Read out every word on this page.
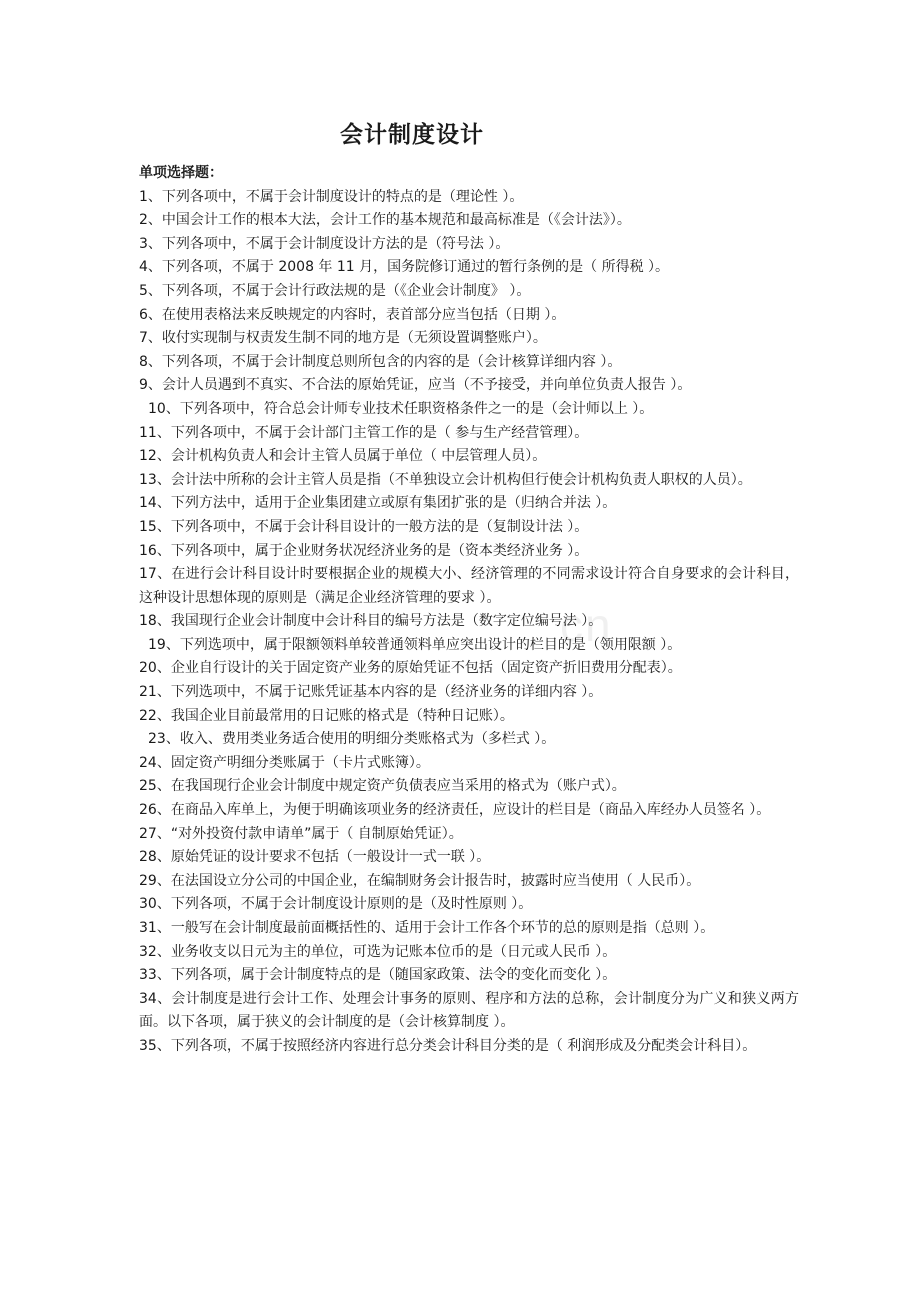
会计制度设计
cn
单项选择题：

1、下列各项中，不属于会计制度设计的特点的是（理论性 ）。

2、中国会计工作的根本大法，会计工作的基本规范和最高标准是（《会计法》）。

3、下列各项中，不属于会计制度设计方法的是（符号法 ）。

4、下列各项，不属于 2008 年 11 月，国务院修订通过的暂行条例的是（ 所得税 ）。

5、下列各项，不属于会计行政法规的是（《企业会计制度》 ）。

6、在使用表格法来反映规定的内容时，表首部分应当包括（日期 ）。

7、收付实现制与权责发生制不同的地方是（无须设置调整账户）。

8、下列各项，不属于会计制度总则所包含的内容的是（会计核算详细内容 ）。

9、会计人员遇到不真实、不合法的原始凭证，应当（不予接受，并向单位负责人报告 ）。

10、下列各项中，符合总会计师专业技术任职资格条件之一的是（会计师以上 ）。

11、下列各项中，不属于会计部门主管工作的是（ 参与生产经营管理）。

12、会计机构负责人和会计主管人员属于单位（ 中层管理人员）。

13、会计法中所称的会计主管人员是指（不单独设立会计机构但行使会计机构负责人职权的人员）。

14、下列方法中，适用于企业集团建立或原有集团扩张的是（归纳合并法 ）。

15、下列各项中，不属于会计科目设计的一般方法的是（复制设计法 ）。

16、下列各项中，属于企业财务状况经济业务的是（资本类经济业务 ）。

17、在进行会计科目设计时要根据企业的规模大小、经济管理的不同需求设计符合自身要求的会计科目，这种设计思想体现的原则是（满足企业经济管理的要求 ）。

18、我国现行企业会计制度中会计科目的编号方法是（数字定位编号法 ）。

19、下列选项中，属于限额领料单较普通领料单应突出设计的栏目的是（领用限额 ）。

20、企业自行设计的关于固定资产业务的原始凭证不包括（固定资产折旧费用分配表）。

21、下列选项中，不属于记账凭证基本内容的是（经济业务的详细内容 ）。

22、我国企业目前最常用的日记账的格式是（特种日记账）。

23、收入、费用类业务适合使用的明细分类账格式为（多栏式 ）。

24、固定资产明细分类账属于（卡片式账簿）。

25、在我国现行企业会计制度中规定资产负债表应当采用的格式为（账户式）。

26、在商品入库单上，为便于明确该项业务的经济责任，应设计的栏目是（商品入库经办人员签名 ）。

27、“对外投资付款申请单”属于（ 自制原始凭证）。

28、原始凭证的设计要求不包括（一般设计一式一联 ）。

29、在法国设立分公司的中国企业，在编制财务会计报告时，披露时应当使用（ 人民币）。

30、下列各项，不属于会计制度设计原则的是（及时性原则 ）。

31、一般写在会计制度最前面概括性的、适用于会计工作各个环节的总的原则是指（总则 ）。

32、业务收支以日元为主的单位，可选为记账本位币的是（日元或人民币 ）。

33、下列各项，属于会计制度特点的是（随国家政策、法令的变化而变化 ）。

34、会计制度是进行会计工作、处理会计事务的原则、程序和方法的总称，会计制度分为广义和狭义两方面。以下各项，属于狭义的会计制度的是（会计核算制度 ）。

35、下列各项，不属于按照经济内容进行总分类会计科目分类的是（ 利润形成及分配类会计科目）。
